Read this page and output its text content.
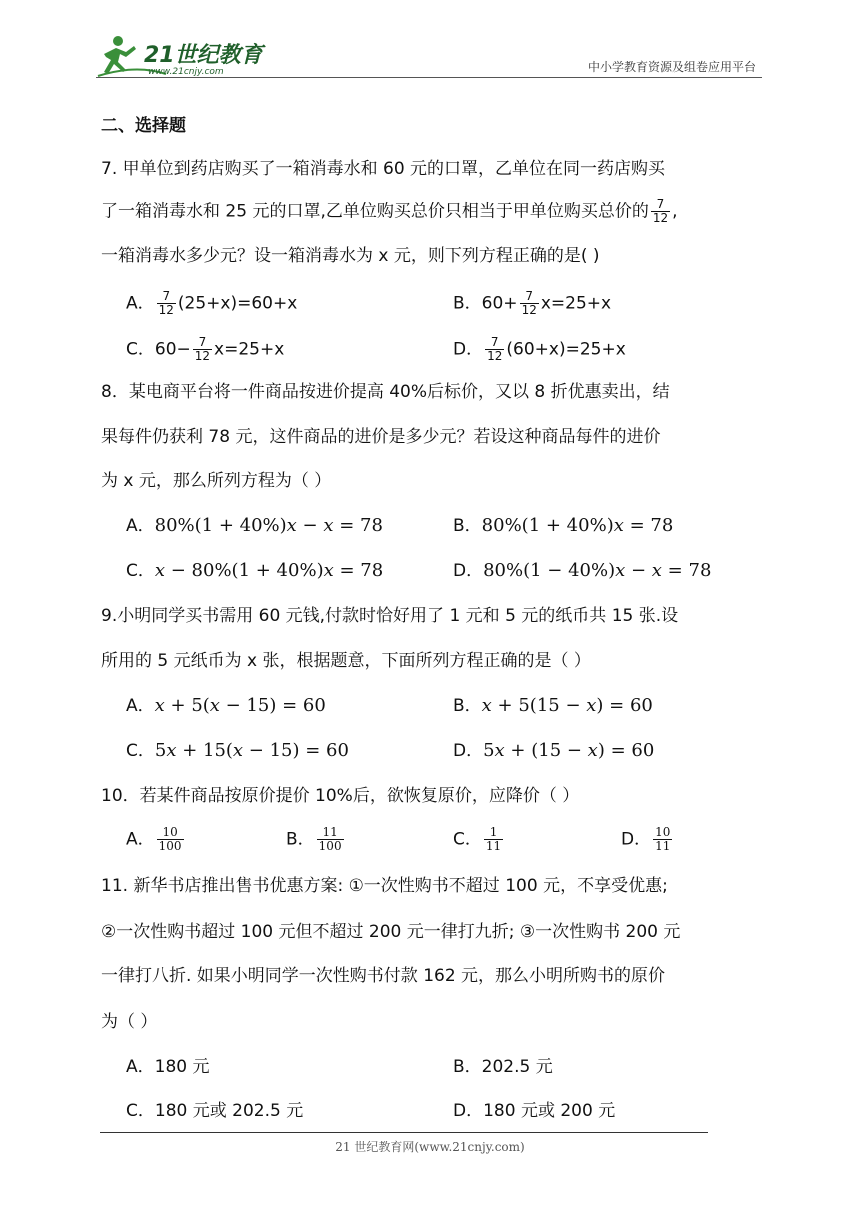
21世纪教育
www.21cnjy.com	中小学教育资源及组卷应用平台
二、选择题
7. 甲单位到药店购买了一箱消毒水和 60 元的口罩，乙单位在同一药店购买
了一箱消毒水和 25 元的口罩,乙单位购买总价只相当于甲单位购买总价的 $\frac{7}{12}$ ,
一箱消毒水多少元？设一箱消毒水为 x 元，则下列方程正确的是( )
A． $\frac{7}{12} (25+x)=60+x$	B．$60+ \frac{7}{12} x=25+x$
C．$60- \frac{7}{12} x=25+x$	D． $\frac{7}{12} (60+x)=25+x$
8．某电商平台将一件商品按进价提高 40%后标价，又以 8 折优惠卖出，结
果每件仍获利 78 元，这件商品的进价是多少元？若设这种商品每件的进价
为 x 元，那么所列方程为（ ）
A．80%(1 + 40%)𝑥 − 𝑥 = 78	B．80%(1 + 40%)𝑥 = 78
C．𝑥 − 80%(1 + 40%)𝑥 = 78	D．80%(1 − 40%)𝑥 − 𝑥 = 78
9.小明同学买书需用 60 元钱,付款时恰好用了 1 元和 5 元的纸币共 15 张.设
所用的 5 元纸币为 x 张，根据题意，下面所列方程正确的是（ ）
A．𝑥 + 5(𝑥 − 15) = 60	B．𝑥 + 5(15 − 𝑥) = 60
C．5𝑥 + 15(𝑥 − 15) = 60	D．5𝑥 + (15 − 𝑥) = 60
10．若某件商品按原价提价 10%后，欲恢复原价，应降价（ ）
A． $\frac{10}{100}$	B． $\frac{11}{100}$	C． $\frac{1}{11}$	D． $\frac{10}{11}$
11. 新华书店推出售书优惠方案: ①一次性购书不超过 100 元，不享受优惠;
②一次性购书超过 100 元但不超过 200 元一律打九折; ③一次性购书 200 元
一律打八折. 如果小明同学一次性购书付款 162 元，那么小明所购书的原价
为（ ）
A．180 元	B．202.5 元
C．180 元或 202.5 元	D．180 元或 200 元
21 世纪教育网(www.21cnjy.com)
